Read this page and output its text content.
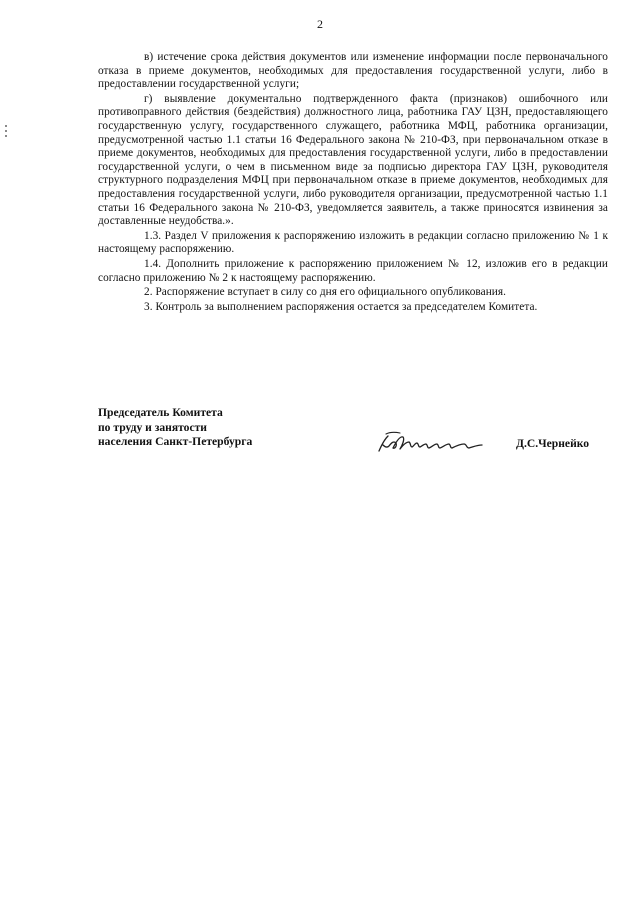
2

в) истечение срока действия документов или изменение информации после первоначального отказа в приеме документов, необходимых для предоставления государственной услуги, либо в предоставлении государственной услуги;

г) выявление документально подтвержденного факта (признаков) ошибочного или противоправного действия (бездействия) должностного лица, работника ГАУ ЦЗН, предоставляющего государственную услугу, государственного служащего, работника МФЦ, работника организации, предусмотренной частью 1.1 статьи 16 Федерального закона № 210-ФЗ, при первоначальном отказе в приеме документов, необходимых для предоставления государственной услуги, либо в предоставлении государственной услуги, о чем в письменном виде за подписью директора ГАУ ЦЗН, руководителя структурного подразделения МФЦ при первоначальном отказе в приеме документов, необходимых для предоставления государственной услуги, либо руководителя организации, предусмотренной частью 1.1 статьи 16 Федерального закона № 210-ФЗ, уведомляется заявитель, а также приносятся извинения за доставленные неудобства.».

1.3. Раздел V приложения к распоряжению изложить в редакции согласно приложению № 1 к настоящему распоряжению.

1.4. Дополнить приложение к распоряжению приложением № 12, изложив его в редакции согласно приложению № 2 к настоящему распоряжению.

2. Распоряжение вступает в силу со дня его официального опубликования.

3. Контроль за выполнением распоряжения остается за председателем Комитета.

Председатель Комитета
по труду и занятости
населения Санкт-Петербурга	Д.С.Чернейко
